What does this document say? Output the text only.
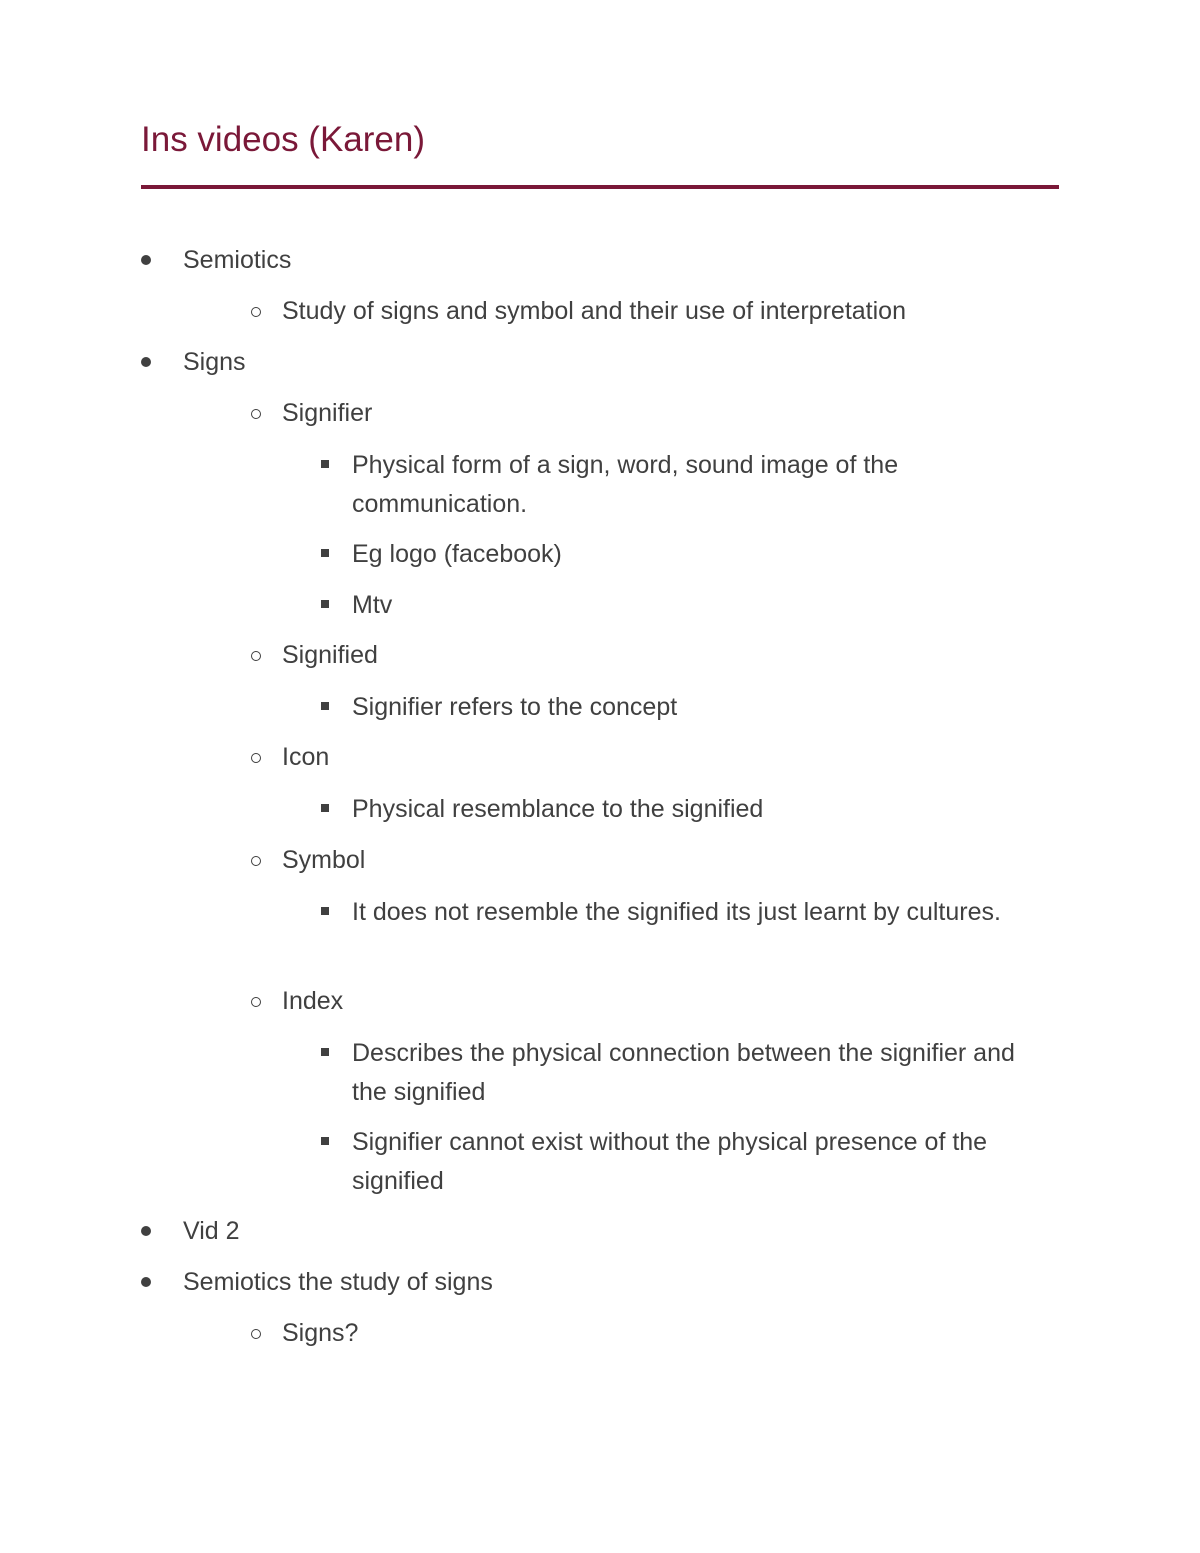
Ins videos (Karen)
Semiotics
Study of signs and symbol and their use of interpretation
Signs
Signifier
Physical form of a sign, word, sound image of the communication.
Eg logo (facebook)
Mtv
Signified
Signifier refers to the concept
Icon
Physical resemblance to the signified
Symbol
It does not resemble the signified its just learnt by cultures.
Index
Describes the physical connection between the signifier and the signified
Signifier cannot exist without the physical presence of the signified
Vid 2
Semiotics the study of signs
Signs?
